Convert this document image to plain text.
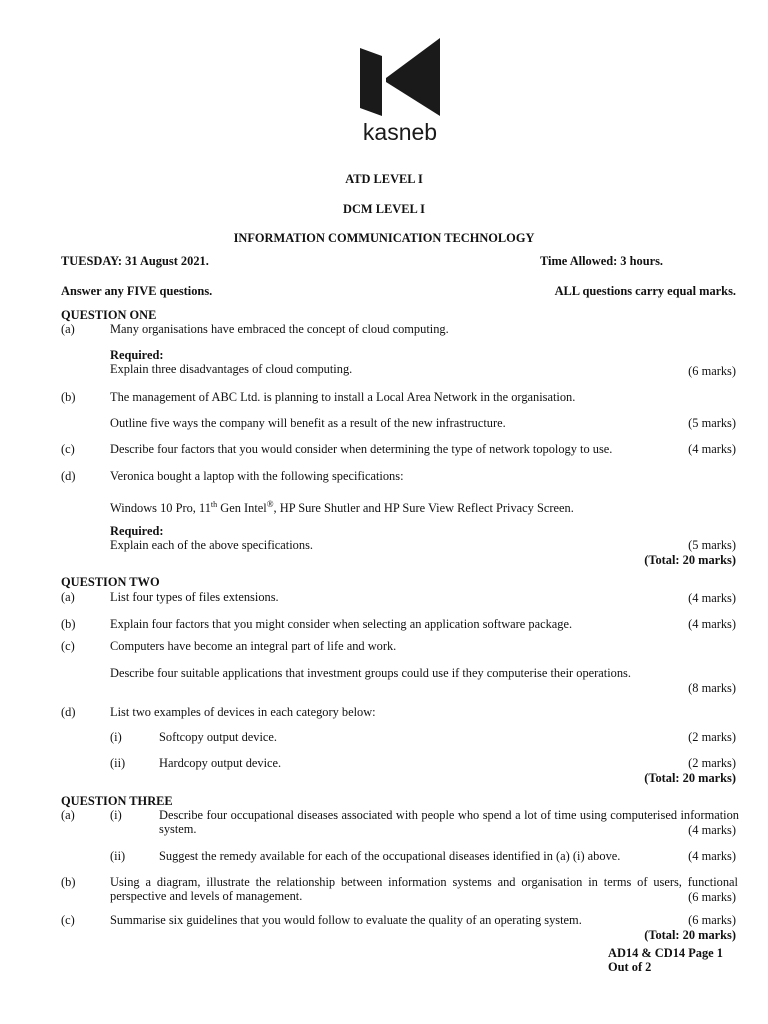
kasneb
ATD LEVEL I
DCM LEVEL I
INFORMATION COMMUNICATION TECHNOLOGY
TUESDAY: 31 August 2021.	Time Allowed: 3 hours.
Answer any FIVE questions.	ALL questions carry equal marks.
QUESTION ONE
(a)	Many organisations have embraced the concept of cloud computing.
Required:
Explain three disadvantages of cloud computing.	(6 marks)
(b)	The management of ABC Ltd. is planning to install a Local Area Network in the organisation.
Outline five ways the company will benefit as a result of the new infrastructure.	(5 marks)
(c)	Describe four factors that you would consider when determining the type of network topology to use.	(4 marks)
(d)	Veronica bought a laptop with the following specifications:
Windows 10 Pro, 11th Gen Intel®, HP Sure Shutler and HP Sure View Reflect Privacy Screen.
Required:
Explain each of the above specifications.	(5 marks)
(Total: 20 marks)
QUESTION TWO
(a)	List four types of files extensions.	(4 marks)
(b)	Explain four factors that you might consider when selecting an application software package.	(4 marks)
(c)	Computers have become an integral part of life and work.
Describe four suitable applications that investment groups could use if they computerise their operations.
(8 marks)
(d)	List two examples of devices in each category below:
(i)	Softcopy output device.	(2 marks)
(ii)	Hardcopy output device.	(2 marks)
(Total: 20 marks)
QUESTION THREE
(a)	(i)	Describe four occupational diseases associated with people who spend a lot of time using computerised information system.	(4 marks)
(ii)	Suggest the remedy available for each of the occupational diseases identified in (a) (i) above.	(4 marks)
(b)	Using a diagram, illustrate the relationship between information systems and organisation in terms of users, functional perspective and levels of management.	(6 marks)
(c)	Summarise six guidelines that you would follow to evaluate the quality of an operating system.	(6 marks)
(Total: 20 marks)
AD14 & CD14 Page 1
Out of 2
